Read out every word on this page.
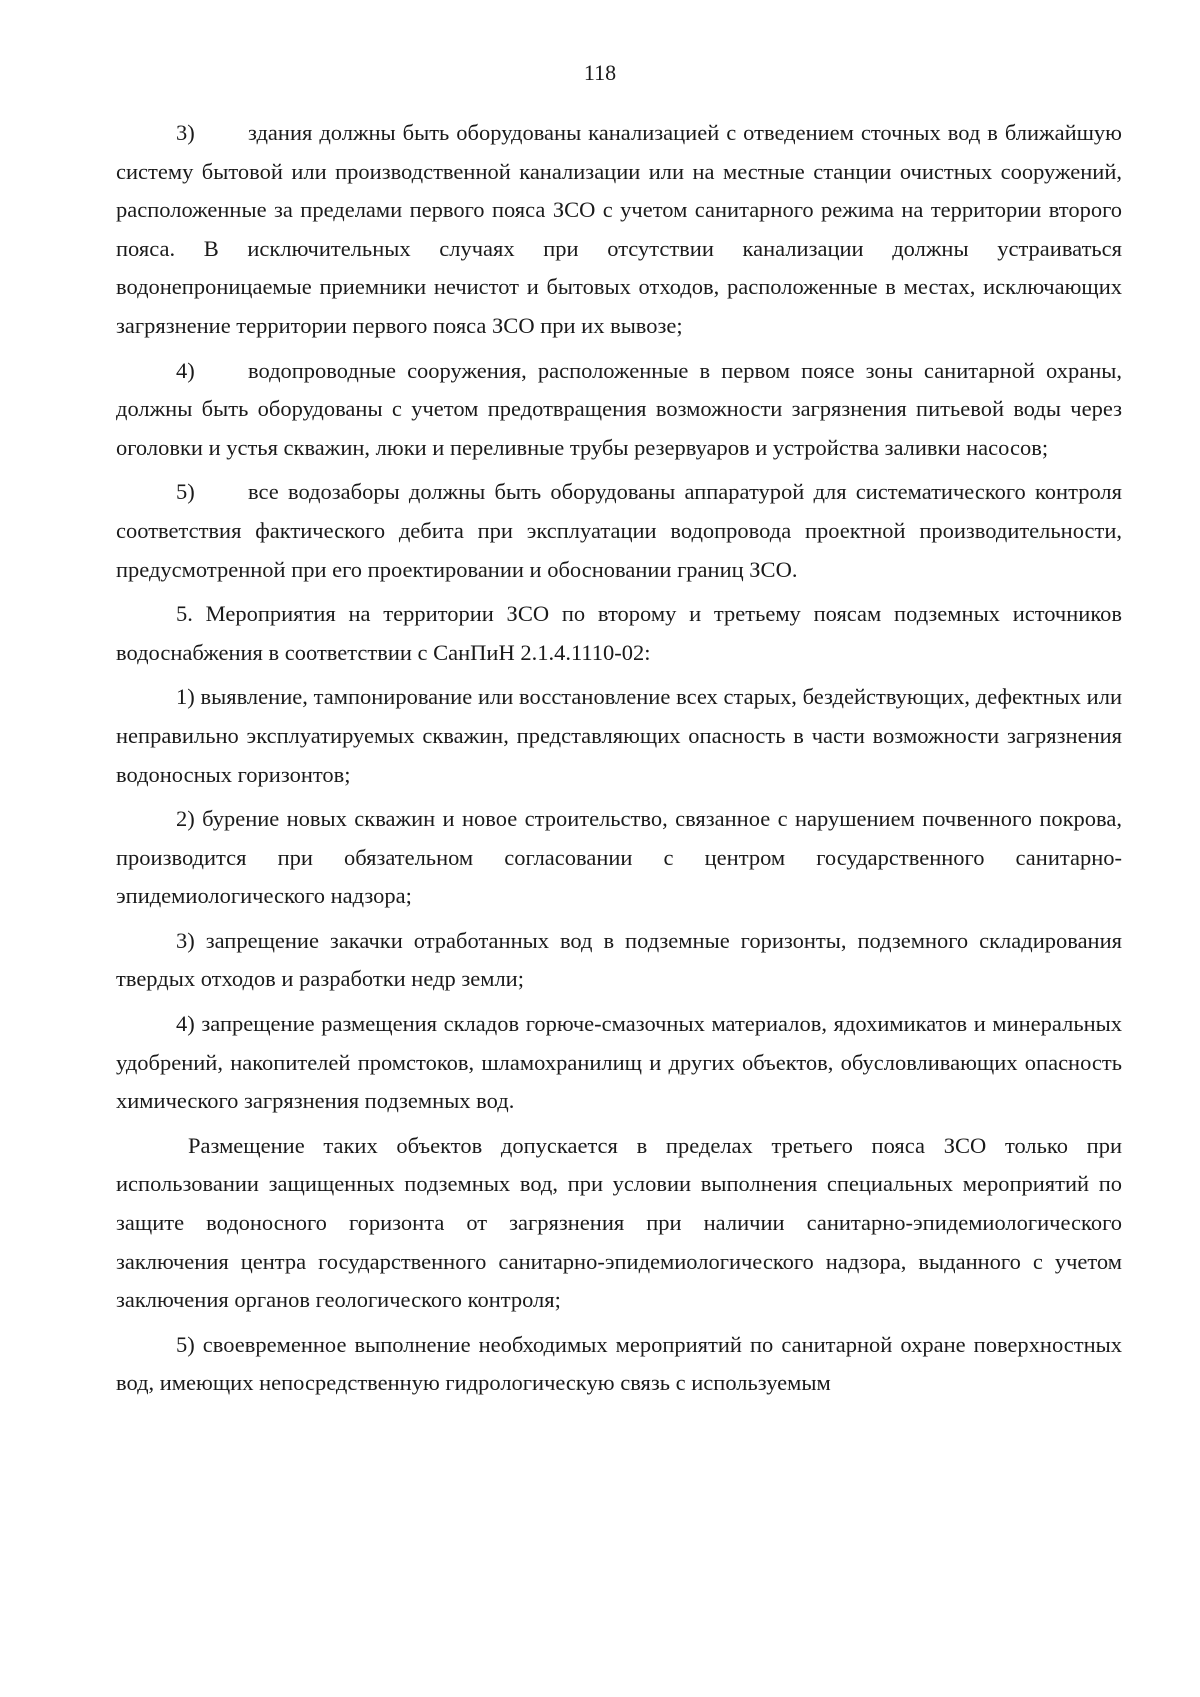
118

3) здания должны быть оборудованы канализацией с отведением сточных вод в ближайшую систему бытовой или производственной канализации или на местные станции очистных сооружений, расположенные за пределами первого пояса ЗСО с учетом санитарного режима на территории второго пояса. В исключительных случаях при отсутствии канализации должны устраиваться водонепроницаемые приемники нечистот и бытовых отходов, расположенные в местах, исключающих загрязнение территории первого пояса ЗСО при их вывозе;

4) водопроводные сооружения, расположенные в первом поясе зоны санитарной охраны, должны быть оборудованы с учетом предотвращения возможности загрязнения питьевой воды через оголовки и устья скважин, люки и переливные трубы резервуаров и устройства заливки насосов;

5) все водозаборы должны быть оборудованы аппаратурой для систематического контроля соответствия фактического дебита при эксплуатации водопровода проектной производительности, предусмотренной при его проектировании и обосновании границ ЗСО.

5. Мероприятия на территории ЗСО по второму и третьему поясам подземных источников водоснабжения в соответствии с СанПиН 2.1.4.1110-02:

1) выявление, тампонирование или восстановление всех старых, бездействующих, дефектных или неправильно эксплуатируемых скважин, представляющих опасность в части возможности загрязнения водоносных горизонтов;

2) бурение новых скважин и новое строительство, связанное с нарушением почвенного покрова, производится при обязательном согласовании с центром государственного санитарно-эпидемиологического надзора;

3) запрещение закачки отработанных вод в подземные горизонты, подземного складирования твердых отходов и разработки недр земли;

4) запрещение размещения складов горюче-смазочных материалов, ядохимикатов и минеральных удобрений, накопителей промстоков, шламохранилищ и других объектов, обусловливающих опасность химического загрязнения подземных вод.

Размещение таких объектов допускается в пределах третьего пояса ЗСО только при использовании защищенных подземных вод, при условии выполнения специальных мероприятий по защите водоносного горизонта от загрязнения при наличии санитарно-эпидемиологического заключения центра государственного санитарно-эпидемиологического надзора, выданного с учетом заключения органов геологического контроля;

5) своевременное выполнение необходимых мероприятий по санитарной охране поверхностных вод, имеющих непосредственную гидрологическую связь с используемым
